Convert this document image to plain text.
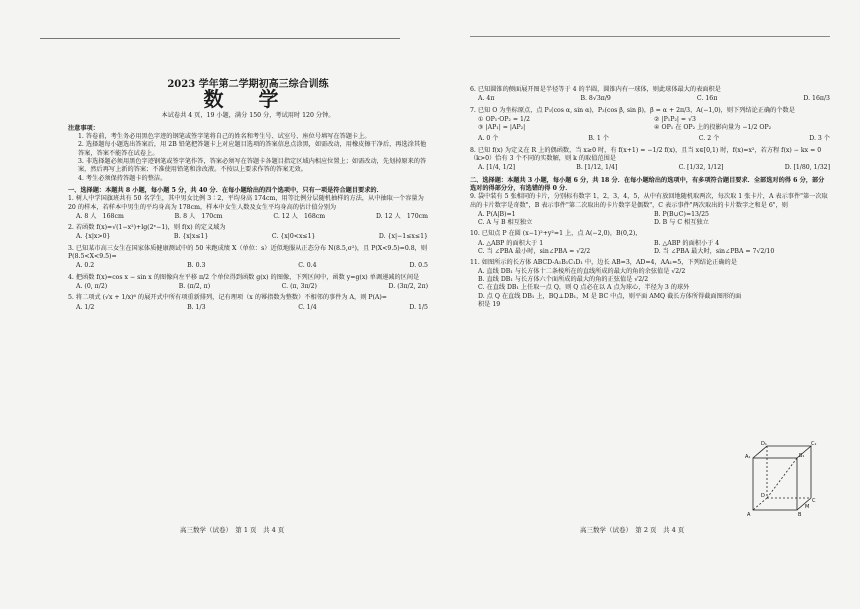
2023 学年第二学期初高三综合训练
数 学
本试卷共 4 页，19 小题，满分 150 分，考试用时 120 分钟。
注意事项：

1. 答卷前，考生务必用黑色字迹的钢笔或签字笔将自己的姓名和考生号、试室号、座位号填写在答题卡上。

2. 选择题每小题选出答案后，用 2B 铅笔把答题卡上对应题目选项的答案信息点涂黑，如需改动，用橡皮擦干净后，再选涂其他答案，答案不能答在试卷上。

3. 非选择题必须用黑色字迹钢笔或签字笔作答，答案必须写在答题卡各题目指定区域内相应位置上；如需改动，先划掉原来的答案，然后再写上新的答案；不准使用铅笔和涂改液。不按以上要求作答的答案无效。

4. 考生必须保持答题卡的整洁。

一、选择题：本题共 8 小题，每小题 5 分，共 40 分．在每小题给出的四个选项中，只有一项是符合题目要求的．

1. 树人中学国旗班共有 50 名学生，其中男女比例 3∶2，平均身高 174cm，用等比例分层随机抽样的方法，从中抽取一个容量为 20 的样本，若样本中男生的平均身高为 178cm，样本中女生人数及女生平均身高的估计值分别为

A. 8 人　168cm	B. 8 人　170cm	C. 12 人　168cm	D. 12 人　170cm

2. 若函数 f(x)=√(1−x²)+lg(2ˣ−1)，则 f(x) 的定义域为

A. {x|x>0}	B. {x|x≤1}	C. {x|0<x≤1}	D. {x|−1≤x≤1}

3. 已知某市高三女生在国家体质健康测试中的 50 米跑成绩 X（单位：s）近似地服从正态分布 N(8.5,σ²)，且 P(X<9.5)=0.8，则 P(8.5<X<9.5)=

A. 0.2	B. 0.3	C. 0.4	D. 0.5

4. 把函数 f(x)=cos x − sin x 的图像向左平移 π/2 个单位得到函数 g(x) 的图像，下列区间中，函数 y=g(x) 单调递减的区间是

A. (0, π/2)	B. (π/2, π)	C. (π, 3π/2)	D. (3π/2, 2π)

5. 将二项式 (√x + 1/x)⁶ 的展开式中所有项重新排列，记有理项（x 的幂指数为整数）不相邻的事件为 A，则 P(A)=

A. 1/2	B. 1/3	C. 1/4	D. 1/5
高三数学（试卷）　第 1 页　共 4 页

6. 已知圆锥的侧面展开图是半径等于 4 的半圆，圆锥内有一球体，则此球体最大的表面积是

A. 4π	B. 8√3π/9	C. 16π	D. 16π/3

7. 已知 O 为坐标原点，点 P₁(cos α, sin α)，P₂(cos β, sin β)，β = α + 2π/3，A(−1,0)，则下列结论正确的个数是

① OP₁·OP₂ = 1/2	② |P₁P₂| = √3
③ |AP₁| = |AP₂|	④ OP₁ 在 OP₂ 上的投影向量为 −1/2 OP₂
A. 0 个	B. 1 个	C. 2 个	D. 3 个

8. 已知 f(x) 为定义在 R 上的偶函数，当 x≥0 时，有 f(x+1) = −1/2 f(x)，且当 x∈[0,1) 时，f(x)=x²，若方程 f(x) − kx = 0（k>0）恰有 3 个不同的实数解，则 k 的取值范围是

A. [1/4, 1/2]	B. [1/12, 1/4]	C. [1/32, 1/12]	D. [1/80, 1/32]

二、选择题：本题共 3 小题，每小题 6 分，共 18 分．在每小题给出的选项中，有多项符合题目要求．全部选对的得 6 分，部分选对的得部分分，有选错的得 0 分．

9. 袋中装有 5 张相同的卡片，分别标有数字 1，2，3，4，5，从中有放回地随机取两次，每次取 1 张卡片，A 表示事件"第一次取出的卡片数字是奇数"，B 表示事件"第二次取出的卡片数字是偶数"，C 表示事件"两次取出的卡片数字之和是 6"，则

A. P(A|B)=1	B. P(B∪C)=13/25
C. A 与 B 相互独立	D. B 与 C 相互独立

10. 已知点 P 在圆 (x−1)²+y²=1 上，点 A(−2,0)，B(0,2)，

A. △ABP 的面积大于 1	B. △ABP 的面积小于 4
C. 当 ∠PBA 最小时，sin∠PBA = √2/2	D. 当 ∠PBA 最大时，sin∠PBA = 7√2/10

11. 如图所示的长方体 ABCD-A₁B₁C₁D₁ 中，边长 AB=3，AD=4，AA₁=5，下列结论正确的是

A. 直线 DB₁ 与长方体十二条棱所在的直线所成的最大的角的余弦值是 √2/2

B. 直线 DB₁ 与长方体六个面所成的最大的角的正弦值是 √2/2

C. 在直线 DB₁ 上任取一点 Q，则 Q 点必在以 A 点为球心，半径为 3 的球外

D. 点 Q 在直线 DB₁ 上，BQ⊥DB₁，M 是 BC 中点，则平面 AMQ 截长方体所得截面图形的面积是 19

D₁	C₁
A₁	B₁
D
C
A	B
M
高三数学（试卷）　第 2 页　共 4 页
